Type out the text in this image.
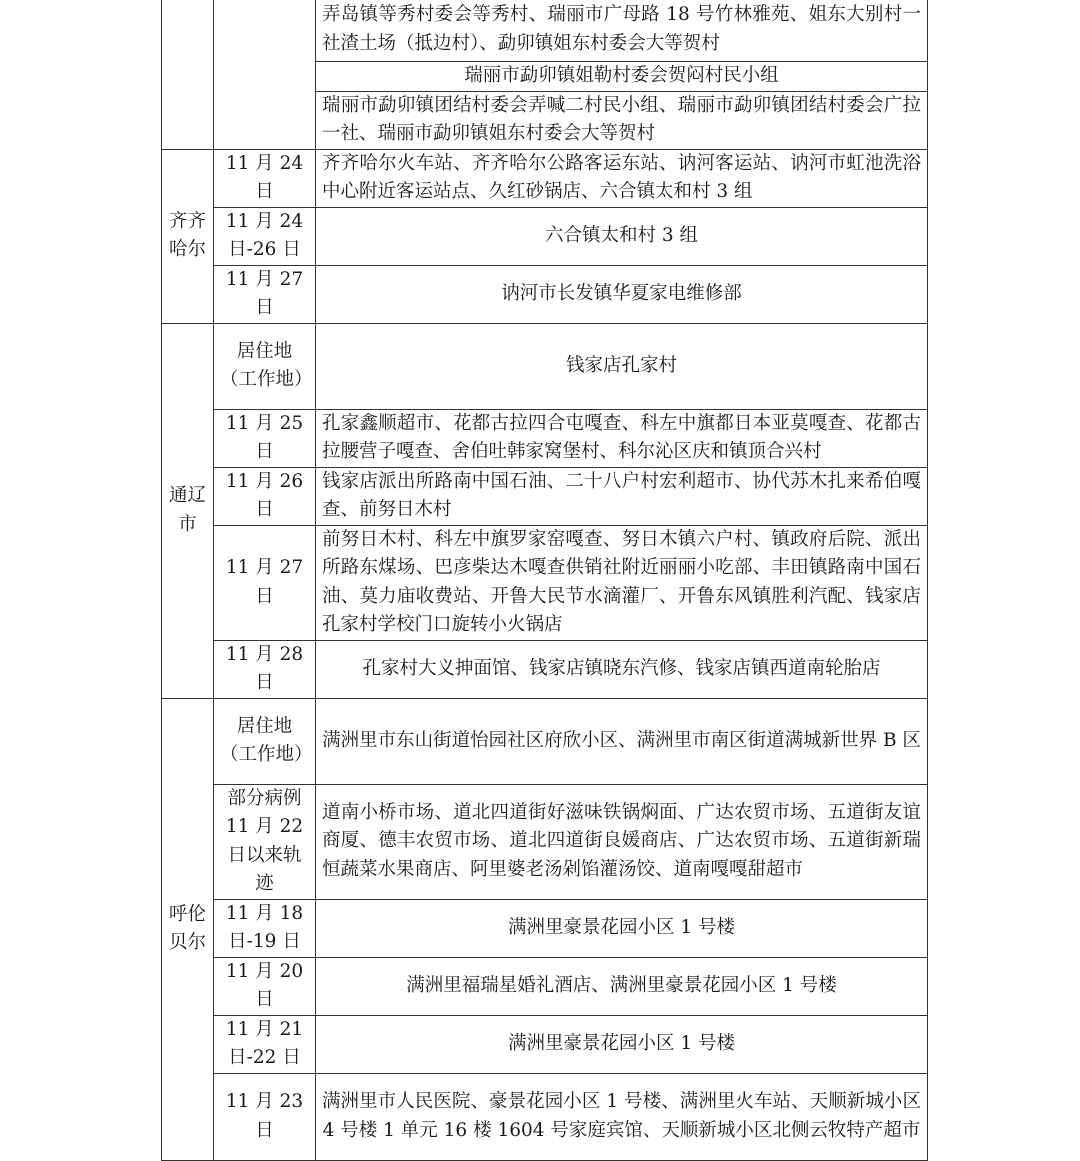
		弄岛镇等秀村委会等秀村、瑞丽市广母路 18 号竹林雅苑、姐东大别村一社渣土场（抵边村）、勐卯镇姐东村委会大等贺村
		瑞丽市勐卯镇姐勒村委会贺闷村民小组
		瑞丽市勐卯镇团结村委会弄喊二村民小组、瑞丽市勐卯镇团结村委会广拉一社、瑞丽市勐卯镇姐东村委会大等贺村
齐齐哈尔	11 月 24 日	齐齐哈尔火车站、齐齐哈尔公路客运东站、讷河客运站、讷河市虹池洗浴中心附近客运站点、久红砂锅店、六合镇太和村 3 组
	11 月 24 日-26 日	六合镇太和村 3 组
	11 月 27 日	讷河市长发镇华夏家电维修部
通辽市	居住地（工作地）	钱家店孔家村
	11 月 25 日	孔家鑫顺超市、花都古拉四合屯嘎查、科左中旗都日本亚莫嘎查、花都古拉腰营子嘎查、舍伯吐韩家窝堡村、科尔沁区庆和镇顶合兴村
	11 月 26 日	钱家店派出所路南中国石油、二十八户村宏利超市、协代苏木扎来希伯嘎查、前努日木村
	11 月 27 日	前努日木村、科左中旗罗家窑嘎查、努日木镇六户村、镇政府后院、派出所路东煤场、巴彦柴达木嘎查供销社附近丽丽小吃部、丰田镇路南中国石油、莫力庙收费站、开鲁大民节水滴灌厂、开鲁东风镇胜利汽配、钱家店孔家村学校门口旋转小火锅店
	11 月 28 日	孔家村大义抻面馆、钱家店镇晓东汽修、钱家店镇西道南轮胎店
呼伦贝尔	居住地（工作地）	满洲里市东山街道怡园社区府欣小区、满洲里市南区街道满城新世界 B 区
	部分病例 11 月 22 日以来轨迹	道南小桥市场、道北四道街好滋味铁锅焖面、广达农贸市场、五道街友谊商厦、德丰农贸市场、道北四道街良媛商店、广达农贸市场、五道街新瑞恒蔬菜水果商店、阿里婆老汤剁馅灌汤饺、道南嘎嘎甜超市
	11 月 18 日-19 日	满洲里豪景花园小区 1 号楼
	11 月 20 日	满洲里福瑞星婚礼酒店、满洲里豪景花园小区 1 号楼
	11 月 21 日-22 日	满洲里豪景花园小区 1 号楼
	11 月 23 日	满洲里市人民医院、豪景花园小区 1 号楼、满洲里火车站、天顺新城小区 4 号楼 1 单元 16 楼 1604 号家庭宾馆、天顺新城小区北侧云牧特产超市
